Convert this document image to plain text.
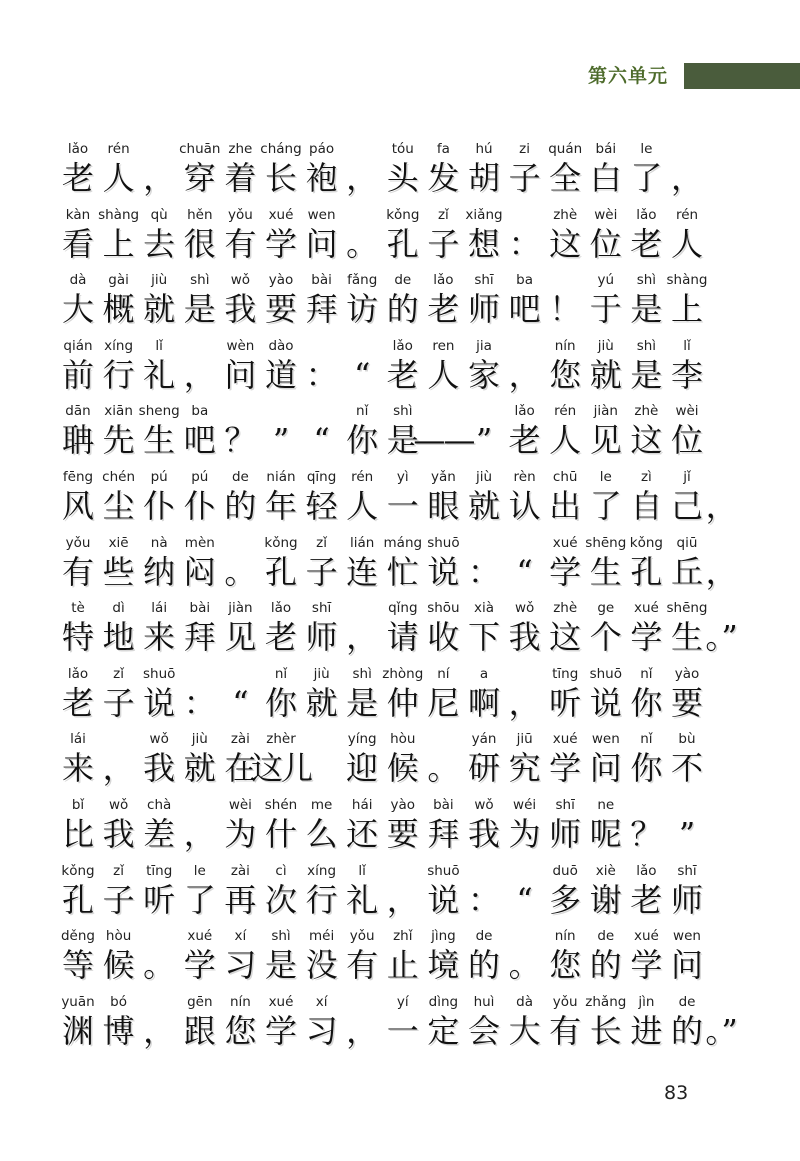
第六单元
lǎo
老
rén
人 ，
chuān
穿
zhe
着
cháng
长
páo
袍 ，
tóu
头
fa
发
hú
胡
zi
子
quán
全
bái
白
le
了 ，
kàn
看
shàng
上
qù
去
hěn
很
yǒu
有
xué
学
wen
问 。
kǒng
孔
zǐ
子
xiǎng
想 ：
zhè
这
wèi
位
lǎo
老
rén
人
dà
大
gài
概
jiù
就
shì
是
wǒ
我
yào
要
bài
拜
fǎng
访
de
的
lǎo
老
shī
师
ba
吧 ！
yú
于
shì
是
shàng
上
qián
前
xíng
行
lǐ
礼 ，
wèn
问
dào
道 ： “
lǎo
老
ren
人
jia
家 ，
nín
您
jiù
就
shì
是
lǐ
李
dān
聃
xiān
先
sheng
生
ba
吧 ？ ” “
nǐ
你
shì
是
—— ”
lǎo
老
rén
人
jiàn
见
zhè
这
wèi
位
fēng
风
chén
尘
pú
仆
pú
仆
de
的
nián
年
qīng
轻
rén
人
yì
一
yǎn
眼
jiù
就
rèn
认
chū
出
le
了
zì
自
jǐ
己 ，
yǒu
有
xiē
些
nà
纳
mèn
闷 。
kǒng
孔
zǐ
子
lián
连
máng
忙
shuō
说 ： “
xué
学
shēng
生
kǒng
孔
qiū
丘 ，
tè
特
dì
地
lái
来
bài
拜
jiàn
见
lǎo
老
shī
师 ，
qǐng
请
shōu
收
xià
下
wǒ
我
zhè
这
ge
个
xué
学
shēng
生 。”
lǎo
老
zǐ
子
shuō
说 ： “
nǐ
你
jiù
就
shì
是
zhòng
仲
ní
尼
a
啊 ，
tīng
听
shuō
说
nǐ
你
yào
要
lái
来 ，
wǒ
我
jiù
就
zài
在
zhèr
这儿
yíng
迎
hòu
候 。
yán
研
jiū
究
xué
学
wen
问
nǐ
你
bù
不
bǐ
比
wǒ
我
chà
差 ，
wèi
为
shén
什
me
么
hái
还
yào
要
bài
拜
wǒ
我
wéi
为
shī
师
ne
呢 ？ ”
kǒng
孔
zǐ
子
tīng
听
le
了
zài
再
cì
次
xíng
行
lǐ
礼 ，
shuō
说 ： “
duō
多
xiè
谢
lǎo
老
shī
师
děng
等
hòu
候 。
xué
学
xí
习
shì
是
méi
没
yǒu
有
zhǐ
止
jìng
境
de
的 。
nín
您
de
的
xué
学
wen
问
yuān
渊
bó
博 ，
gēn
跟
nín
您
xué
学
xí
习 ，
yí
一
dìng
定
huì
会
dà
大
yǒu
有
zhǎng
长
jìn
进
de
的 。”
83
